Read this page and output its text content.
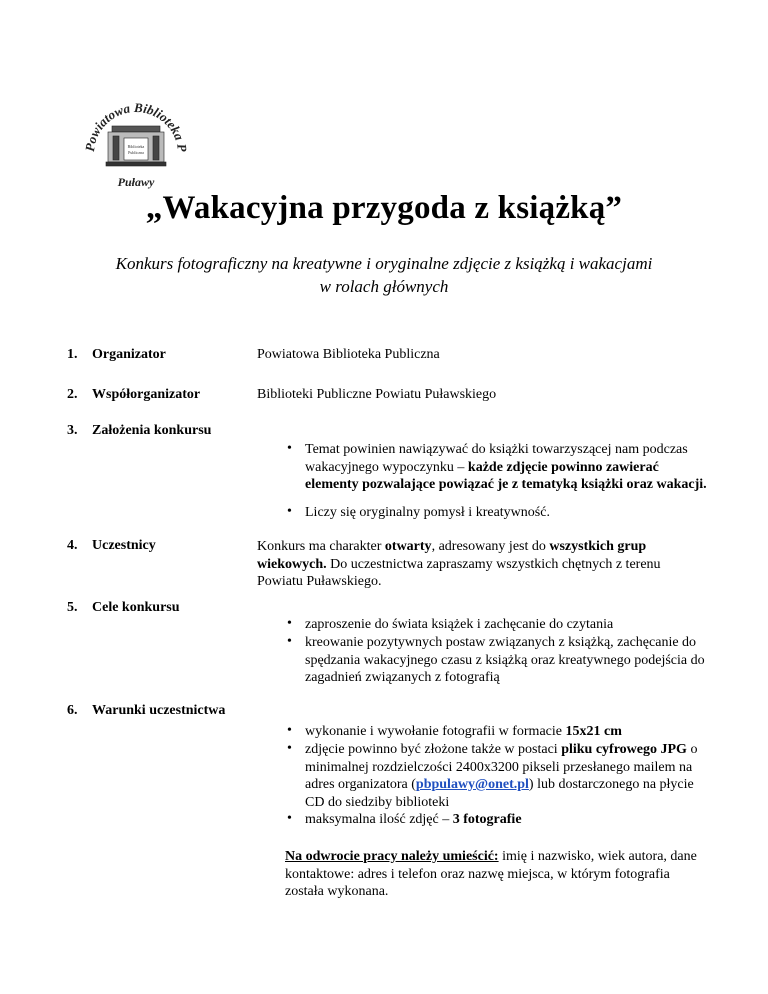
Powiatowa Biblioteka P
Biblioteka
Publiczna
Puławy
„Wakacyjna przygoda z książką”
Konkurs fotograficzny na kreatywne i oryginalne zdjęcie z książką i wakacjami
w rolach głównych
1. Organizator	Powiatowa Biblioteka Publiczna
2. Współorganizator	Biblioteki Publiczne Powiatu Puławskiego
3. Założenia konkursu
• Temat powinien nawiązywać do książki towarzyszącej nam podczas wakacyjnego wypoczynku – każde zdjęcie powinno zawierać elementy pozwalające powiązać je z tematyką książki oraz wakacji.
• Liczy się oryginalny pomysł i kreatywność.
4. Uczestnicy	Konkurs ma charakter otwarty, adresowany jest do wszystkich grup wiekowych. Do uczestnictwa zapraszamy wszystkich chętnych z terenu Powiatu Puławskiego.
5. Cele konkursu
• zaproszenie do świata książek i zachęcanie do czytania
• kreowanie pozytywnych postaw związanych z książką, zachęcanie do spędzania wakacyjnego czasu z książką oraz kreatywnego podejścia do zagadnień związanych z fotografią
6. Warunki uczestnictwa
• wykonanie i wywołanie fotografii w formacie 15x21 cm
• zdjęcie powinno być złożone także w postaci pliku cyfrowego JPG o minimalnej rozdzielczości 2400x3200 pikseli przesłanego mailem na adres organizatora (pbpulawy@onet.pl) lub dostarczonego na płycie CD do siedziby biblioteki
• maksymalna ilość zdjęć – 3 fotografie
Na odwrocie pracy należy umieścić: imię i nazwisko, wiek autora, dane kontaktowe: adres i telefon oraz nazwę miejsca, w którym fotografia została wykonana.
